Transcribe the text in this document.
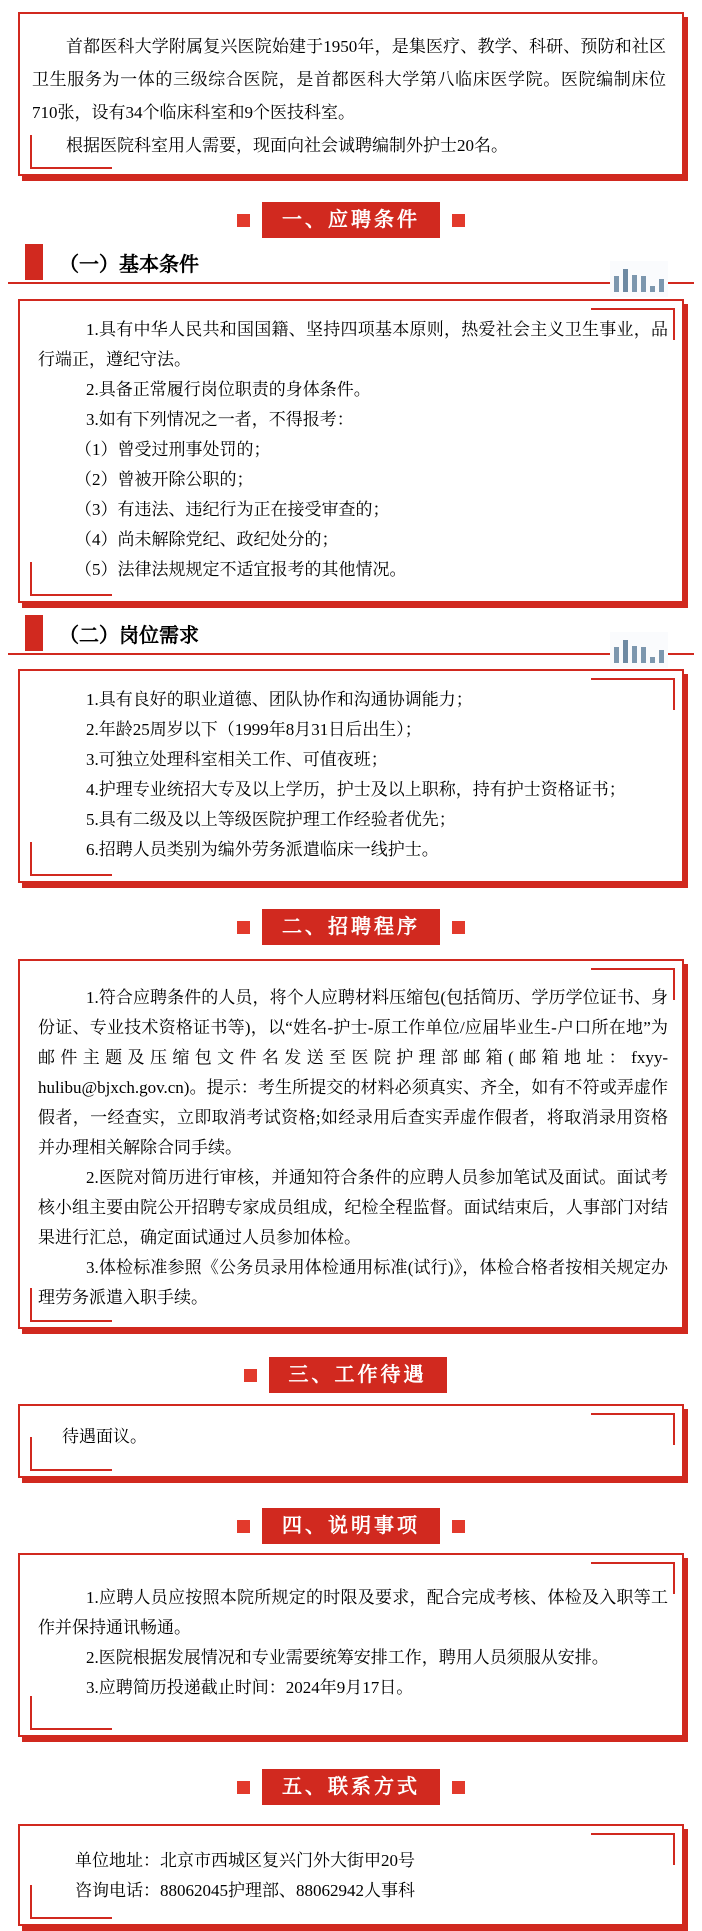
首都医科大学附属复兴医院始建于1950年，是集医疗、教学、科研、预防和社区卫生服务为一体的三级综合医院，是首都医科大学第八临床医学院。医院编制床位710张，设有34个临床科室和9个医技科室。

根据医院科室用人需要，现面向社会诚聘编制外护士20名。

一、应聘条件
（一）基本条件

1.具有中华人民共和国国籍、坚持四项基本原则，热爱社会主义卫生事业，品行端正，遵纪守法。

2.具备正常履行岗位职责的身体条件。

3.如有下列情况之一者，不得报考：

（1）曾受过刑事处罚的；

（2）曾被开除公职的；

（3）有违法、违纪行为正在接受审查的；

（4）尚未解除党纪、政纪处分的；

（5）法律法规规定不适宜报考的其他情况。

（二）岗位需求

1.具有良好的职业道德、团队协作和沟通协调能力；

2.年龄25周岁以下（1999年8月31日后出生）；

3.可独立处理科室相关工作、可值夜班；

4.护理专业统招大专及以上学历，护士及以上职称，持有护士资格证书；

5.具有二级及以上等级医院护理工作经验者优先；

6.招聘人员类别为编外劳务派遣临床一线护士。

二、招聘程序

1.符合应聘条件的人员，将个人应聘材料压缩包(包括简历、学历学位证书、身份证、专业技术资格证书等)，以“姓名-护士-原工作单位/应届毕业生-户口所在地”为邮件主题及压缩包文件名发送至医院护理部邮箱(邮箱地址：fxyy-hulibu@bjxch.gov.cn)。提示：考生所提交的材料必须真实、齐全，如有不符或弄虚作假者，一经查实，立即取消考试资格;如经录用后查实弄虚作假者，将取消录用资格并办理相关解除合同手续。

2.医院对简历进行审核，并通知符合条件的应聘人员参加笔试及面试。面试考核小组主要由院公开招聘专家成员组成，纪检全程监督。面试结束后，人事部门对结果进行汇总，确定面试通过人员参加体检。

3.体检标准参照《公务员录用体检通用标准(试行)》，体检合格者按相关规定办理劳务派遣入职手续。

三、工作待遇

待遇面议。

四、说明事项

1.应聘人员应按照本院所规定的时限及要求，配合完成考核、体检及入职等工作并保持通讯畅通。

2.医院根据发展情况和专业需要统筹安排工作，聘用人员须服从安排。

3.应聘简历投递截止时间：2024年9月17日。

五、联系方式

单位地址：北京市西城区复兴门外大街甲20号

咨询电话：88062045护理部、88062942人事科
